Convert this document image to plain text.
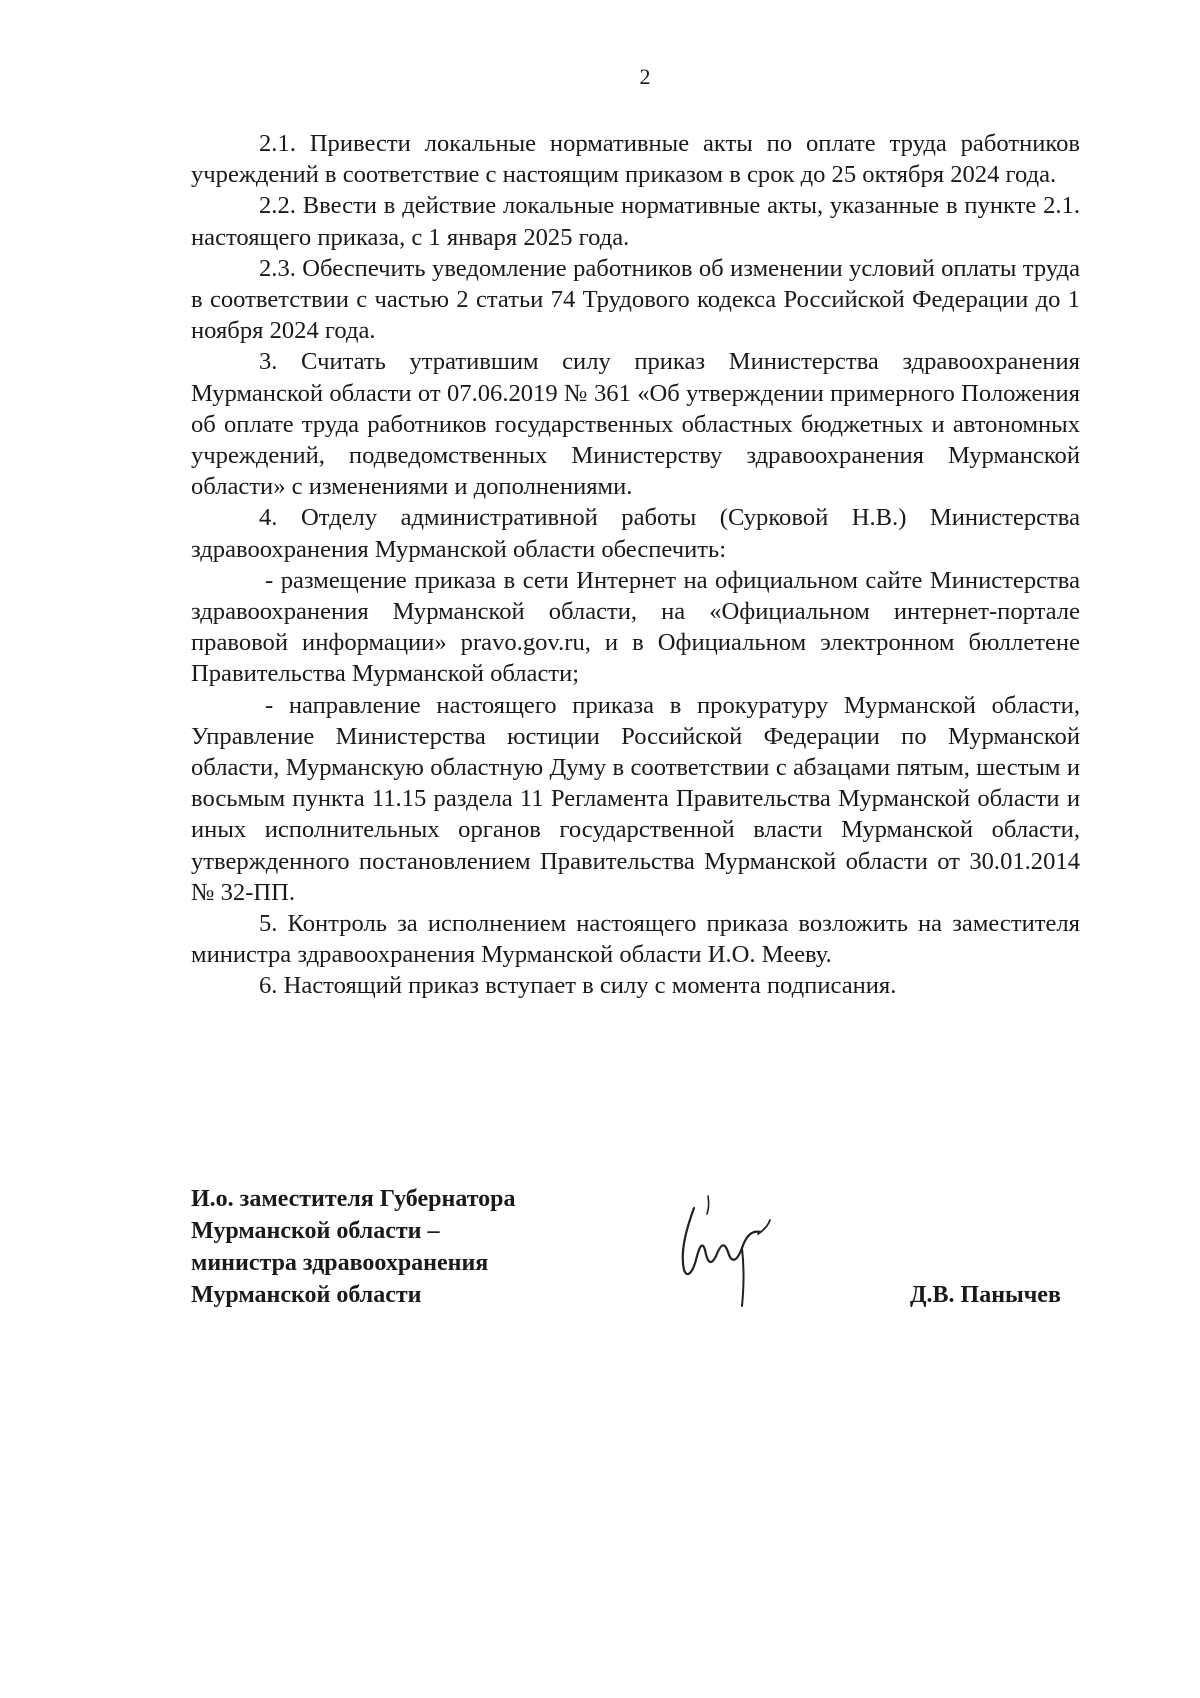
2

2.1. Привести локальные нормативные акты по оплате труда работников учреждений в соответствие с настоящим приказом в срок до 25 октября 2024 года.

2.2. Ввести в действие локальные нормативные акты, указанные в пункте 2.1. настоящего приказа, с 1 января 2025 года.

2.3. Обеспечить уведомление работников об изменении условий оплаты труда в соответствии с частью 2 статьи 74 Трудового кодекса Российской Федерации до 1 ноября 2024 года.

3. Считать утратившим силу приказ Министерства здравоохранения Мурманской области от 07.06.2019 № 361 «Об утверждении примерного Положения об оплате труда работников государственных областных бюджетных и автономных учреждений, подведомственных Министерству здравоохранения Мурманской области» с изменениями и дополнениями.

4. Отделу административной работы (Сурковой Н.В.) Министерства здравоохранения Мурманской области обеспечить:

- размещение приказа в сети Интернет на официальном сайте Министерства здравоохранения Мурманской области, на «Официальном интернет-портале правовой информации» pravo.gov.ru, и в Официальном электронном бюллетене Правительства Мурманской области;

- направление настоящего приказа в прокуратуру Мурманской области, Управление Министерства юстиции Российской Федерации по Мурманской области, Мурманскую областную Думу в соответствии с абзацами пятым, шестым и восьмым пункта 11.15 раздела 11 Регламента Правительства Мурманской области и иных исполнительных органов государственной власти Мурманской области, утвержденного постановлением Правительства Мурманской области от 30.01.2014 № 32-ПП.

5. Контроль за исполнением настоящего приказа возложить на заместителя министра здравоохранения Мурманской области И.О. Мееву.

6. Настоящий приказ вступает в силу с момента подписания.

И.о. заместителя Губернатора
Мурманской области –
министра здравоохранения
Мурманской области	Д.В. Панычев
